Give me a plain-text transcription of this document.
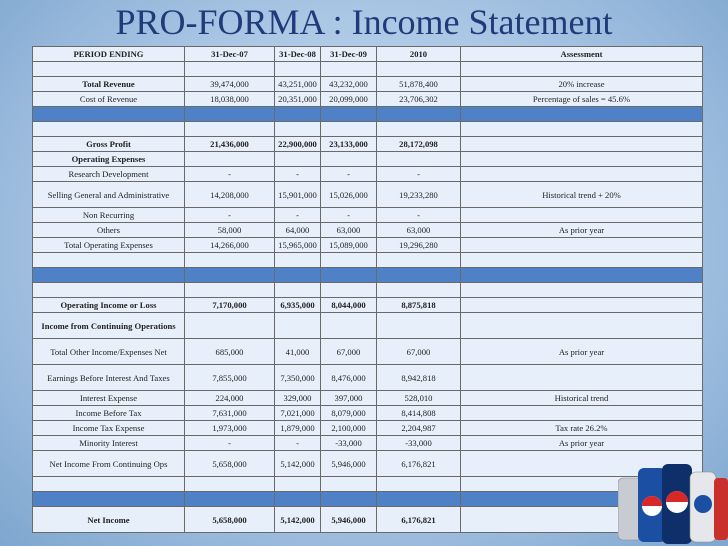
PRO-FORMA : Income Statement
PERIOD ENDING	31-Dec-07	31-Dec-08	31-Dec-09	2010	Assessment

Total Revenue	39,474,000	43,251,000	43,232,000	51,878,400	20% increase
Cost of Revenue	18,038,000	20,351,000	20,099,000	23,706,302	Percentage of sales = 45.6%

Gross Profit	21,436,000	22,900,000	23,133,000	28,172,098	
Operating Expenses					
Research Development	-	-	-	-	
Selling General and Administrative	14,208,000	15,901,000	15,026,000	19,233,280	Historical trend + 20%
Non Recurring	-	-	-	-	
Others	58,000	64,000	63,000	63,000	As prior year
Total Operating Expenses	14,266,000	15,965,000	15,089,000	19,296,280	

Operating Income or Loss	7,170,000	6,935,000	8,044,000	8,875,818	
Income from Continuing Operations					
Total Other Income/Expenses Net	685,000	41,000	67,000	67,000	As prior year
Earnings Before Interest And Taxes	7,855,000	7,350,000	8,476,000	8,942,818	
Interest Expense	224,000	329,000	397,000	528,010	Historical trend
Income Before Tax	7,631,000	7,021,000	8,079,000	8,414,808	
Income Tax Expense	1,973,000	1,879,000	2,100,000	2,204,987	Tax rate 26.2%
Minority Interest	-	-	-33,000	-33,000	As prior year
Net Income From Continuing Ops	5,658,000	5,142,000	5,946,000	6,176,821	

Net Income	5,658,000	5,142,000	5,946,000	6,176,821	
